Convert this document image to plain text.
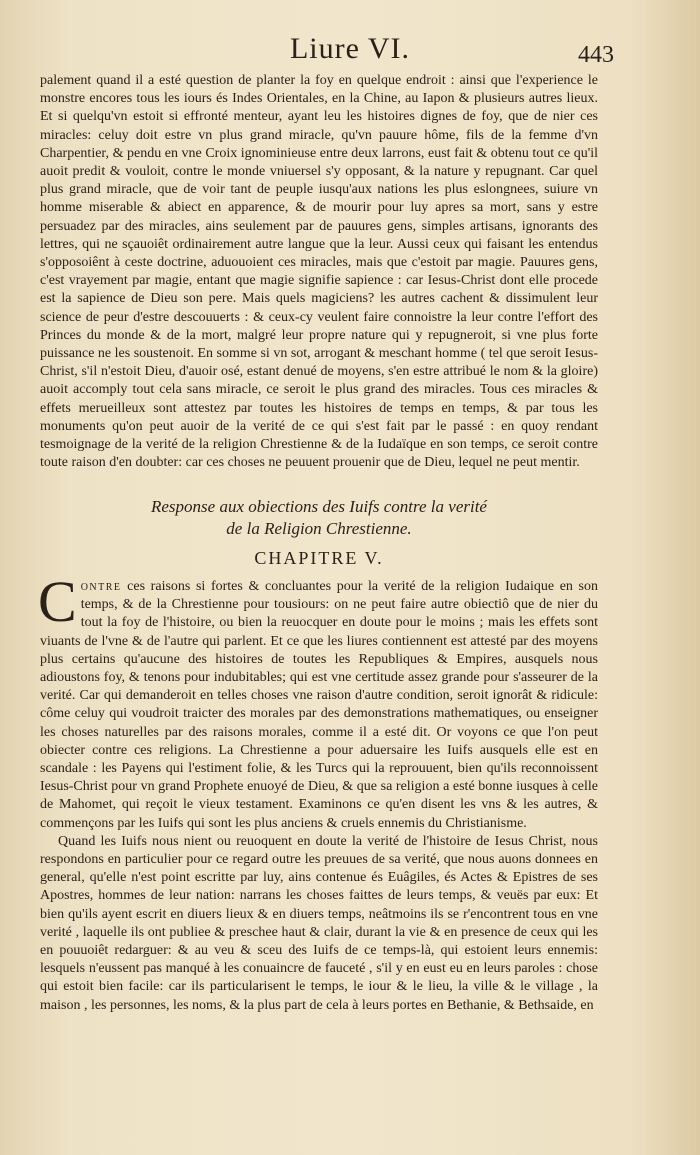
Liure VI.	443

palement quand il a esté question de planter la foy en quelque endroit : ainsi que l'experience le monstre encores tous les iours és Indes Orientales, en la Chine, au Iapon & plusieurs autres lieux. Et si quelqu'vn estoit si effronté menteur, ayant leu les histoires dignes de foy, que de nier ces miracles: celuy doit estre vn plus grand miracle, qu'vn pauure hôme, fils de la femme d'vn Charpentier, & pendu en vne Croix ignominieuse entre deux larrons, eust fait & obtenu tout ce qu'il auoit predit & vouloit, contre le monde vniuersel s'y opposant, & la nature y repugnant. Car quel plus grand miracle, que de voir tant de peuple iusqu'aux nations les plus eslongnees, suiure vn homme miserable & abiect en apparence, & de mourir pour luy apres sa mort, sans y estre persuadez par des miracles, ains seulement par de pauures gens, simples artisans, ignorants des lettres, qui ne sçauoiêt ordinairement autre langue que la leur. Aussi ceux qui faisant les entendus s'opposoiênt à ceste doctrine, aduouoient ces miracles, mais que c'estoit par magie. Pauures gens, c'est vrayement par magie, entant que magie signifie sapience : car Iesus-Christ dont elle procede est la sapience de Dieu son pere. Mais quels magiciens? les autres cachent & dissimulent leur science de peur d'estre descouuerts : & ceux-cy veulent faire connoistre la leur contre l'effort des Princes du monde & de la mort, malgré leur propre nature qui y repugneroit, si vne plus forte puissance ne les soustenoit. En somme si vn sot, arrogant & meschant homme ( tel que seroit Iesus-Christ, s'il n'estoit Dieu, d'auoir osé, estant denué de moyens, s'en estre attribué le nom & la gloire) auoit accomply tout cela sans miracle, ce seroit le plus grand des miracles. Tous ces miracles & effets merueilleux sont attestez par toutes les histoires de temps en temps, & par tous les monuments qu'on peut auoir de la verité de ce qui s'est fait par le passé : en quoy rendant tesmoignage de la verité de la religion Chrestienne & de la Iudaïque en son temps, ce seroit contre toute raison d'en doubter: car ces choses ne peuuent prouenir que de Dieu, lequel ne peut mentir.

Response aux obiections des Iuifs contre la verité
de la Religion Chrestienne.
CHAPITRE V.

Contre ces raisons si fortes & concluantes pour la verité de la religion Iudaique en son temps, & de la Chrestienne pour tousiours: on ne peut faire autre obiectiô que de nier du tout la foy de l'histoire, ou bien la reuocquer en doute pour le moins ; mais les effets sont viuants de l'vne & de l'autre qui parlent. Et ce que les liures contiennent est attesté par des moyens plus certains qu'aucune des histoires de toutes les Republiques & Empires, ausquels nous adioustons foy, & tenons pour indubitables; qui est vne certitude assez grande pour s'asseurer de la verité. Car qui demanderoit en telles choses vne raison d'autre condition, seroit ignorât & ridicule: côme celuy qui voudroit traicter des morales par des demonstrations mathematiques, ou enseigner les choses naturelles par des raisons morales, comme il a esté dit. Or voyons ce que l'on peut obiecter contre ces religions. La Chrestienne a pour aduersaire les Iuifs ausquels elle est en scandale : les Payens qui l'estiment folie, & les Turcs qui la reprouuent, bien qu'ils reconnoissent Iesus-Christ pour vn grand Prophete enuoyé de Dieu, & que sa religion a esté bonne iusques à celle de Mahomet, qui reçoit le vieux testament. Examinons ce qu'en disent les vns & les autres, & commençons par les Iuifs qui sont les plus anciens & cruels ennemis du Christianisme.

Quand les Iuifs nous nient ou reuoquent en doute la verité de l'histoire de Iesus Christ, nous respondons en particulier pour ce regard outre les preuues de sa verité, que nous auons donnees en general, qu'elle n'est point escritte par luy, ains contenue és Euâgiles, és Actes & Epistres de ses Apostres, hommes de leur nation: narrans les choses faittes de leurs temps, & veuës par eux: Et bien qu'ils ayent escrit en diuers lieux & en diuers temps, neâtmoins ils se r'encontrent tous en vne verité , laquelle ils ont publiee & preschee haut & clair, durant la vie & en presence de ceux qui les en pouuoiêt redarguer: & au veu & sceu des Iuifs de ce temps-là, qui estoient leurs ennemis: lesquels n'eussent pas manqué à les conuaincre de fauceté , s'il y en eust eu en leurs paroles : chose qui estoit bien facile: car ils particularisent le temps, le iour & le lieu, la ville & le village , la maison , les personnes, les noms, & la plus part de cela à leurs portes en Bethanie, & Bethsaide, en
